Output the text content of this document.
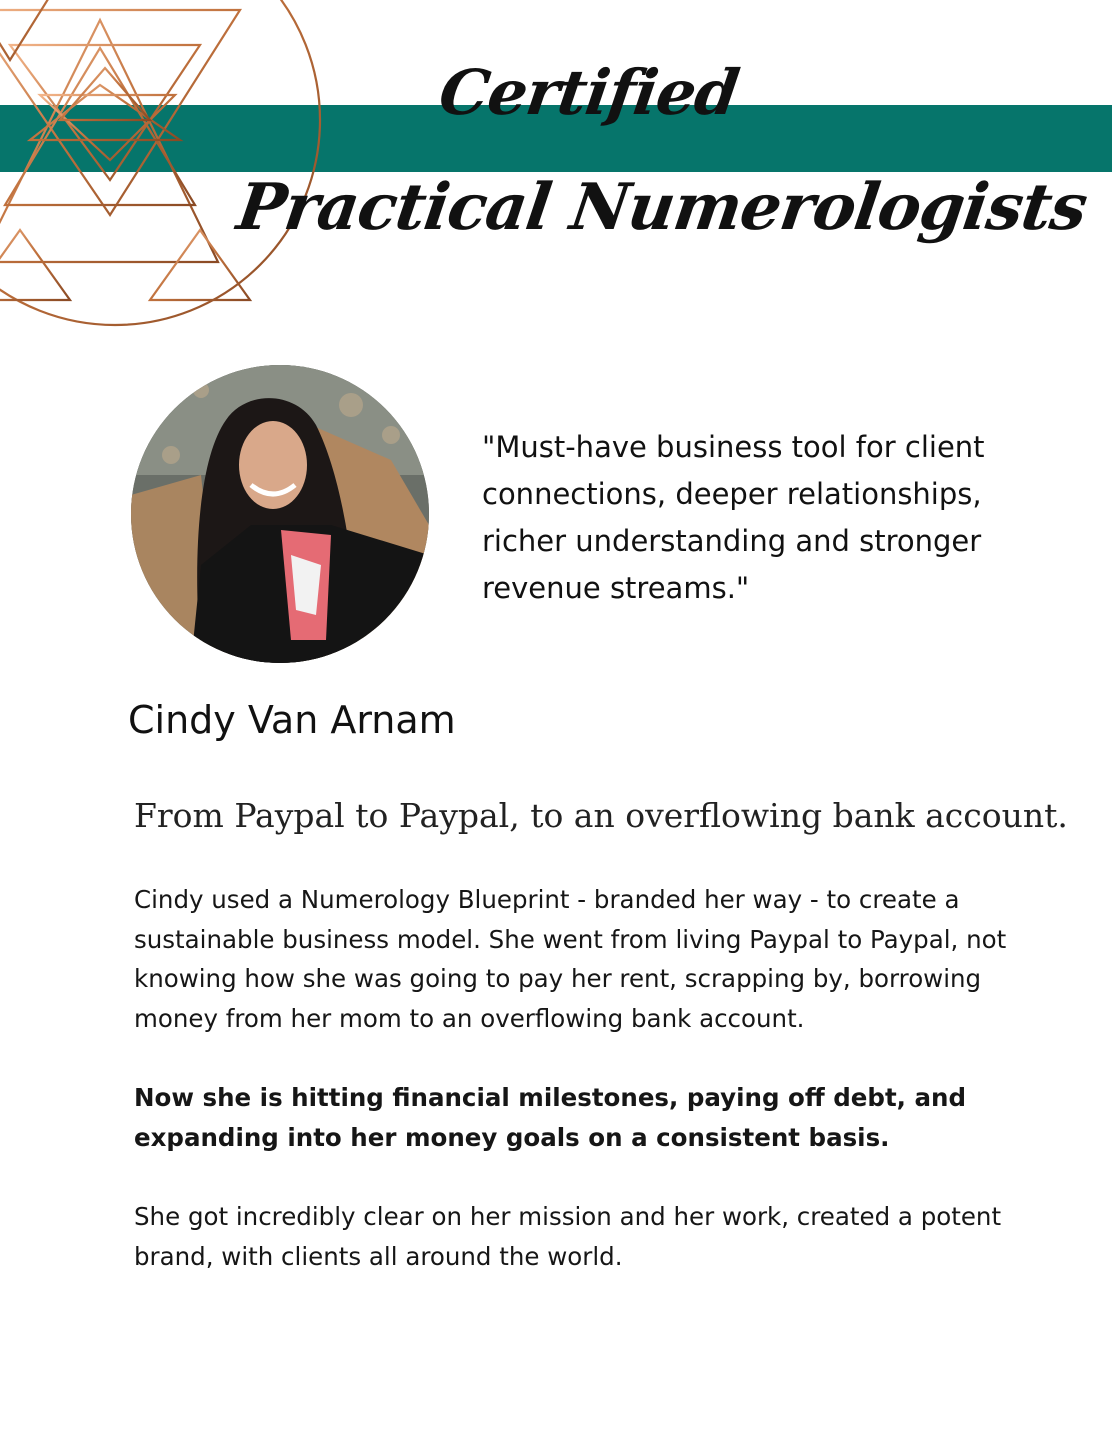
Certified
Practical Numerologists
"Must-have business tool for client connections, deeper relationships, richer understanding and stronger revenue streams."
Cindy Van Arnam
From Paypal to Paypal, to an overflowing bank account.

Cindy used a Numerology Blueprint - branded her way - to create a sustainable business model. She went from living Paypal to Paypal, not knowing how she was going to pay her rent, scrapping by, borrowing money from her mom to an overflowing bank account.

Now she is hitting financial milestones, paying off debt, and expanding into her money goals on a consistent basis.

She got incredibly clear on her mission and her work, created a potent brand, with clients all around the world.
